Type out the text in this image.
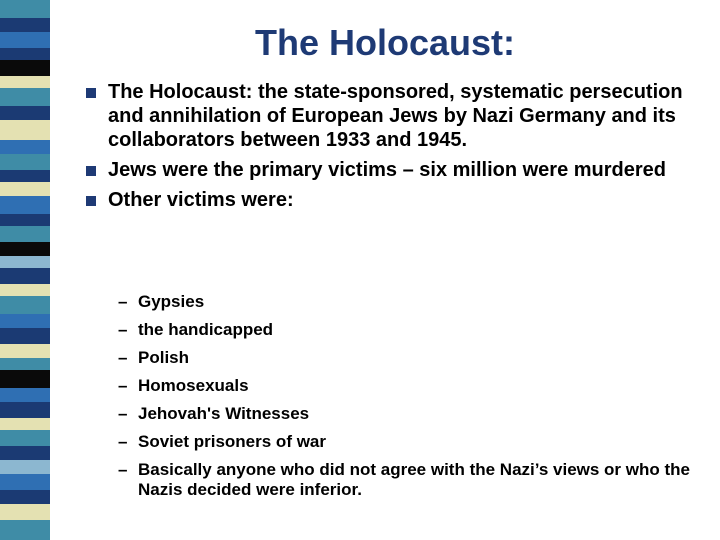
The Holocaust:
The Holocaust: the state-sponsored, systematic persecution and annihilation of European Jews by Nazi Germany and its collaborators between 1933 and 1945.
Jews were the primary victims – six million were murdered
Other victims were:
– Gypsies
– the handicapped
– Polish
– Homosexuals
– Jehovah's Witnesses
– Soviet prisoners of war
– Basically anyone who did not agree with the Nazi’s views or who the Nazis decided were inferior.
